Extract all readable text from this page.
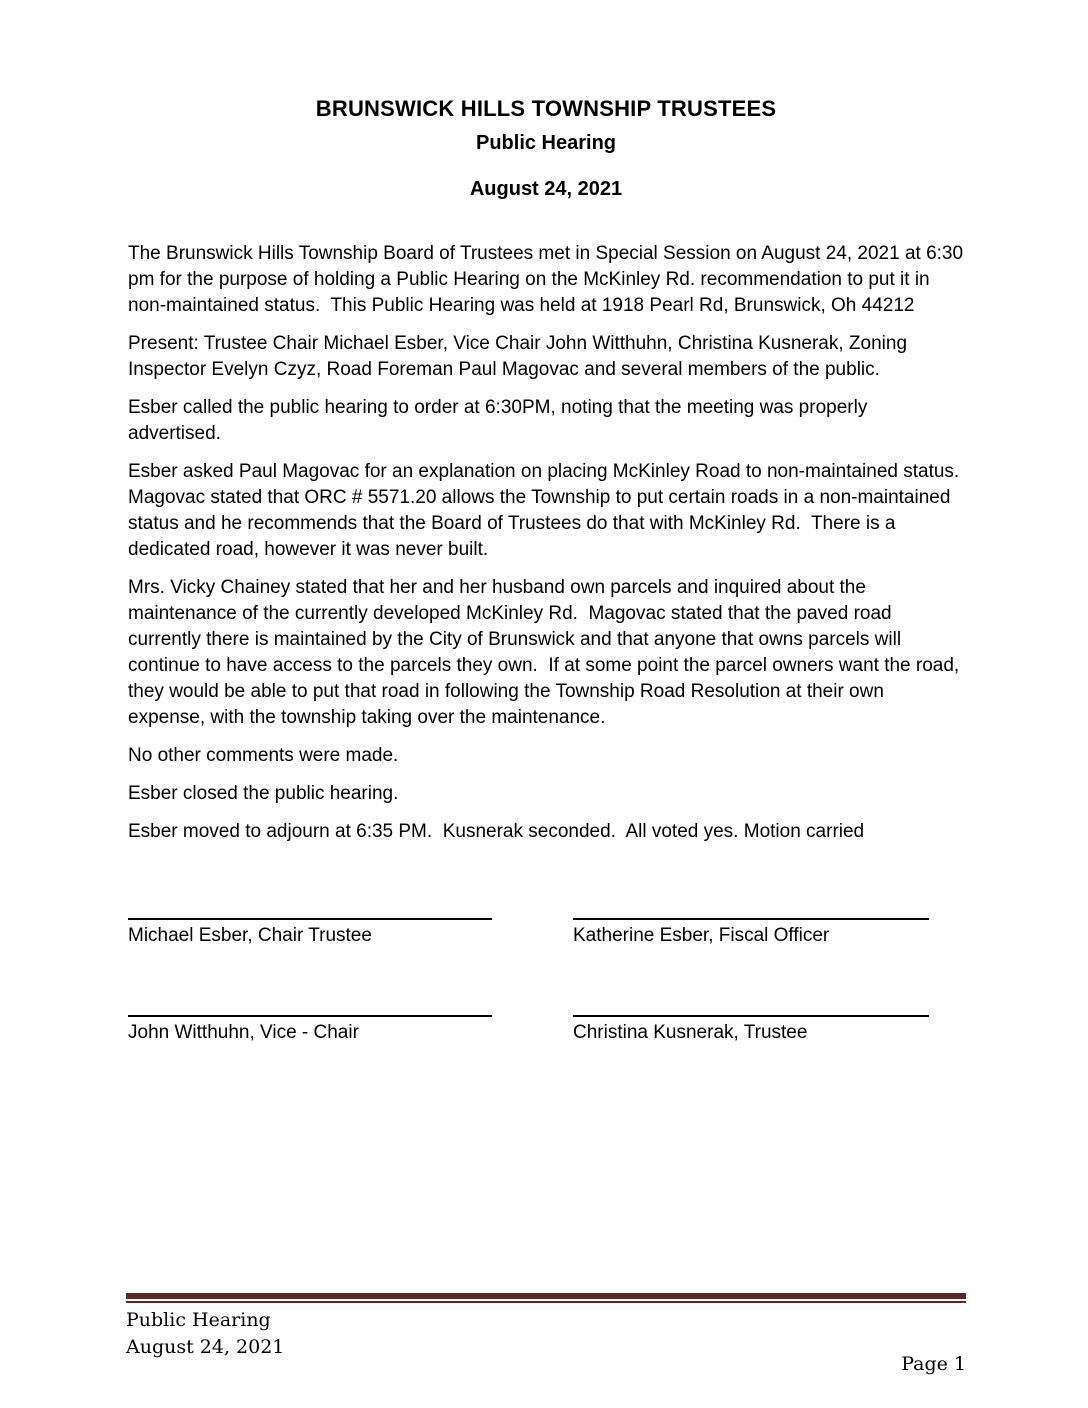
BRUNSWICK HILLS TOWNSHIP TRUSTEES
Public Hearing
August 24, 2021

The Brunswick Hills Township Board of Trustees met in Special Session on August 24, 2021 at 6:30 pm for the purpose of holding a Public Hearing on the McKinley Rd. recommendation to put it in non-maintained status.  This Public Hearing was held at 1918 Pearl Rd, Brunswick, Oh 44212

Present: Trustee Chair Michael Esber, Vice Chair John Witthuhn, Christina Kusnerak, Zoning Inspector Evelyn Czyz, Road Foreman Paul Magovac and several members of the public.

Esber called the public hearing to order at 6:30PM, noting that the meeting was properly advertised.

Esber asked Paul Magovac for an explanation on placing McKinley Road to non-maintained status.  Magovac stated that ORC # 5571.20 allows the Township to put certain roads in a non-maintained status and he recommends that the Board of Trustees do that with McKinley Rd.  There is a dedicated road, however it was never built.

Mrs. Vicky Chainey stated that her and her husband own parcels and inquired about the maintenance of the currently developed McKinley Rd.  Magovac stated that the paved road currently there is maintained by the City of Brunswick and that anyone that owns parcels will continue to have access to the parcels they own.  If at some point the parcel owners want the road, they would be able to put that road in following the Township Road Resolution at their own expense, with the township taking over the maintenance.

No other comments were made.

Esber closed the public hearing.

Esber moved to adjourn at 6:35 PM.  Kusnerak seconded.  All voted yes. Motion carried

Michael Esber, Chair Trustee	Katherine Esber, Fiscal Officer
John Witthuhn, Vice - Chair	Christina Kusnerak, Trustee
Public Hearing
August 24, 2021
Page 1
